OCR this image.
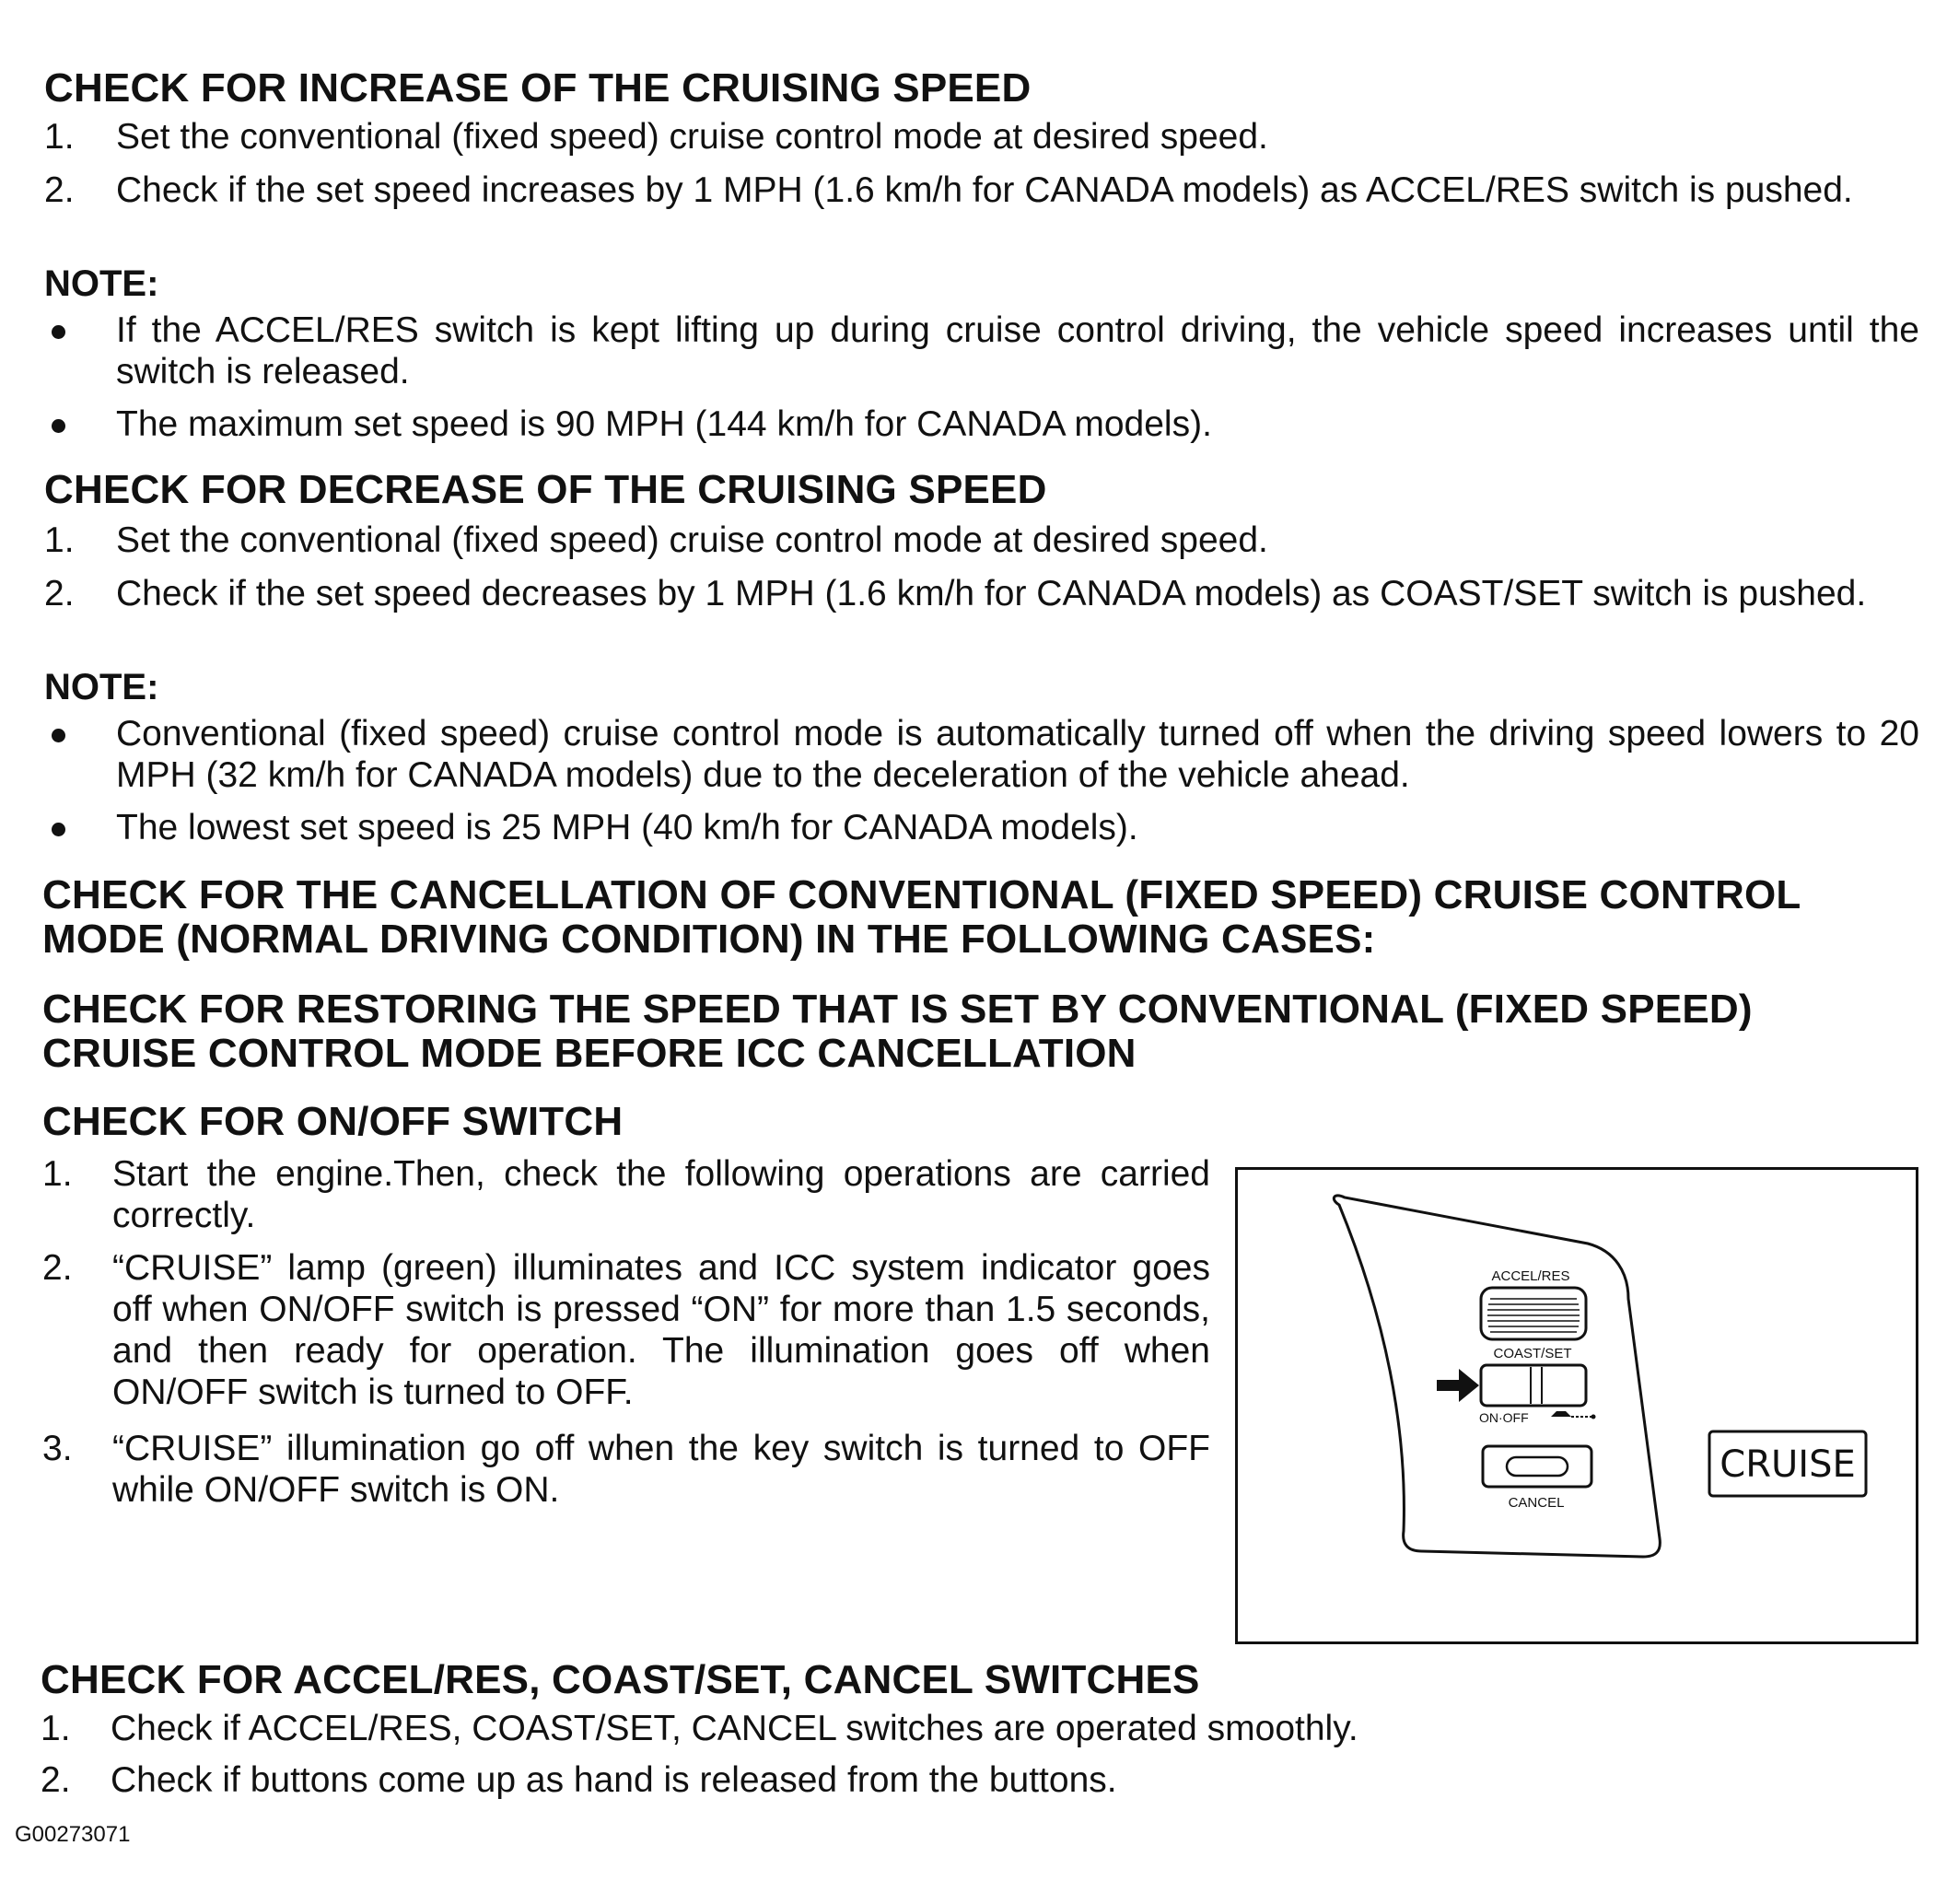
CHECK FOR INCREASE OF THE CRUISING SPEED
1. Set the conventional (fixed speed) cruise control mode at desired speed.
2. Check if the set speed increases by 1 MPH (1.6 km/h for CANADA models) as ACCEL/RES switch is pushed.
NOTE:
If the ACCEL/RES switch is kept lifting up during cruise control driving, the vehicle speed increases until the switch is released.
The maximum set speed is 90 MPH (144 km/h for CANADA models).
CHECK FOR DECREASE OF THE CRUISING SPEED
1. Set the conventional (fixed speed) cruise control mode at desired speed.
2. Check if the set speed decreases by 1 MPH (1.6 km/h for CANADA models) as COAST/SET switch is pushed.
NOTE:
Conventional (fixed speed) cruise control mode is automatically turned off when the driving speed lowers to 20 MPH (32 km/h for CANADA models) due to the deceleration of the vehicle ahead.
The lowest set speed is 25 MPH (40 km/h for CANADA models).
CHECK FOR THE CANCELLATION OF CONVENTIONAL (FIXED SPEED) CRUISE CONTROL MODE (NORMAL DRIVING CONDITION) IN THE FOLLOWING CASES:
CHECK FOR RESTORING THE SPEED THAT IS SET BY CONVENTIONAL (FIXED SPEED) CRUISE CONTROL MODE BEFORE ICC CANCELLATION
CHECK FOR ON/OFF SWITCH
1. Start the engine.Then, check the following operations are carried correctly.
2. “CRUISE” lamp (green) illuminates and ICC system indicator goes off when ON/OFF switch is pressed “ON” for more than 1.5 seconds, and then ready for operation. The illumination goes off when ON/OFF switch is turned to OFF.
3. “CRUISE” illumination go off when the key switch is turned to OFF while ON/OFF switch is ON.
ACCEL/RES
COAST/SET
ON·OFF
CANCEL
CRUISE
CHECK FOR ACCEL/RES, COAST/SET, CANCEL SWITCHES
1. Check if ACCEL/RES, COAST/SET, CANCEL switches are operated smoothly.
2. Check if buttons come up as hand is released from the buttons.
G00273071
